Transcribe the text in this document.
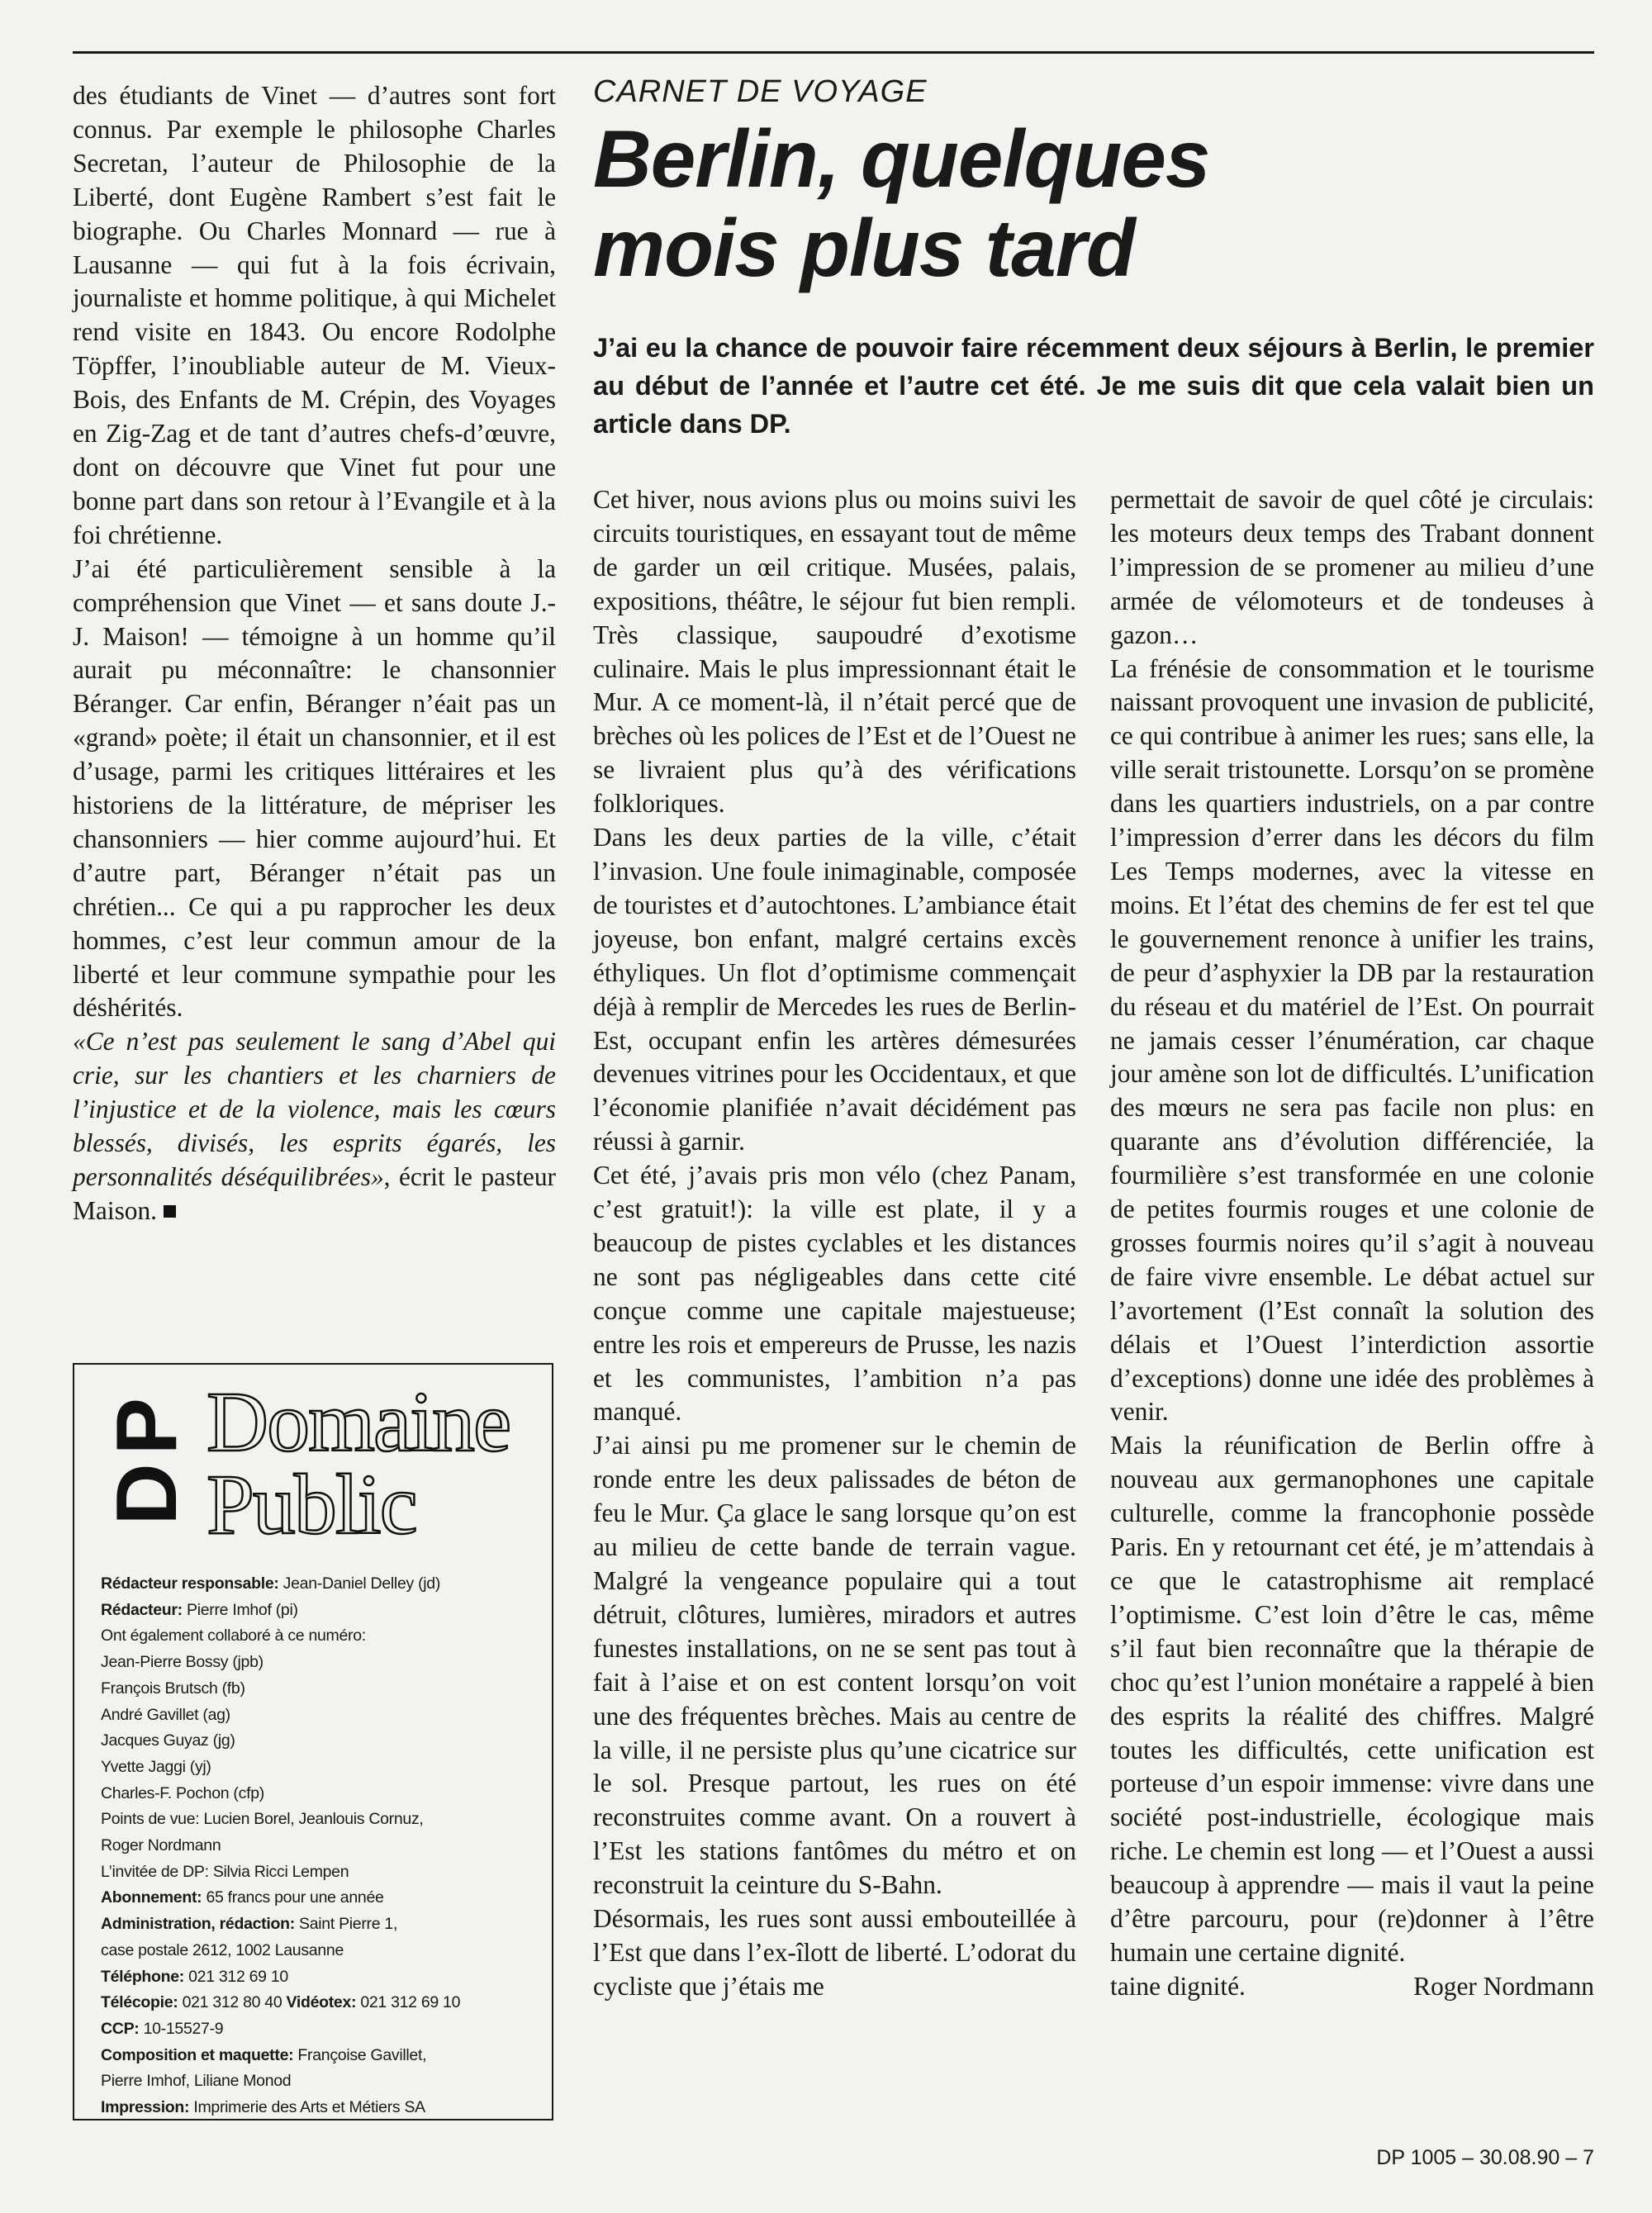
des étudiants de Vinet — d’autres sont fort connus. Par exemple le philosophe Charles Secretan, l’auteur de Philosophie de la Liberté, dont Eugène Rambert s’est fait le biographe. Ou Charles Monnard — rue à Lausanne — qui fut à la fois écrivain, journaliste et homme politique, à qui Michelet rend visite en 1843. Ou encore Rodolphe Töpffer, l’inoubliable auteur de M. Vieux-Bois, des Enfants de M. Crépin, des Voyages en Zig-Zag et de tant d’autres chefs-d’œuvre, dont on découvre que Vinet fut pour une bonne part dans son retour à l’Evangile et à la foi chrétienne.

J’ai été particulièrement sensible à la compréhension que Vinet — et sans doute J.-J. Maison! — témoigne à un homme qu’il aurait pu méconnaître: le chansonnier Béranger. Car enfin, Béranger n’éait pas un «grand» poète; il était un chansonnier, et il est d’usage, parmi les critiques littéraires et les historiens de la littérature, de mépriser les chansonniers — hier comme aujourd’hui. Et d’autre part, Béranger n’était pas un chrétien... Ce qui a pu rapprocher les deux hommes, c’est leur commun amour de la liberté et leur commune sympathie pour les déshérités.

«Ce n’est pas seulement le sang d’Abel qui crie, sur les chantiers et les charniers de l’injustice et de la violence, mais les cœurs blessés, divisés, les esprits égarés, les personnalités déséquilibrées», écrit le pasteur Maison.

CARNET DE VOYAGE
Berlin, quelques
mois plus tard
J’ai eu la chance de pouvoir faire récemment deux séjours à Berlin, le premier au début de l’année et l’autre cet été. Je me suis dit que cela valait bien un article dans DP.

Cet hiver, nous avions plus ou moins suivi les circuits touristiques, en essayant tout de même de garder un œil critique. Musées, palais, expositions, théâtre, le séjour fut bien rempli. Très classique, saupoudré d’exotisme culinaire. Mais le plus impressionnant était le Mur. A ce moment-là, il n’était percé que de brèches où les polices de l’Est et de l’Ouest ne se livraient plus qu’à des vérifications folkloriques.

Dans les deux parties de la ville, c’était l’invasion. Une foule inimaginable, composée de touristes et d’autochtones. L’ambiance était joyeuse, bon enfant, malgré certains excès éthyliques. Un flot d’optimisme commençait déjà à remplir de Mercedes les rues de Berlin-Est, occupant enfin les artères démesurées devenues vitrines pour les Occidentaux, et que l’économie planifiée n’avait décidément pas réussi à garnir.

Cet été, j’avais pris mon vélo (chez Panam, c’est gratuit!): la ville est plate, il y a beaucoup de pistes cyclables et les distances ne sont pas négligeables dans cette cité conçue comme une capitale majestueuse; entre les rois et empereurs de Prusse, les nazis et les communistes, l’ambition n’a pas manqué.

J’ai ainsi pu me promener sur le chemin de ronde entre les deux palissades de béton de feu le Mur. Ça glace le sang lorsque qu’on est au milieu de cette bande de terrain vague. Malgré la vengeance populaire qui a tout détruit, clôtures, lumières, miradors et autres funestes installations, on ne se sent pas tout à fait à l’aise et on est content lorsqu’on voit une des fréquentes brèches. Mais au centre de la ville, il ne persiste plus qu’une cicatrice sur le sol. Presque partout, les rues on été reconstruites comme avant. On a rouvert à l’Est les stations fantômes du métro et on reconstruit la ceinture du S-Bahn.

Désormais, les rues sont aussi embouteillée à l’Est que dans l’ex-îlott de liberté. L’odorat du cycliste que j’étais me

permettait de savoir de quel côté je circulais: les moteurs deux temps des Trabant donnent l’impression de se promener au milieu d’une armée de vélomoteurs et de tondeuses à gazon…

La frénésie de consommation et le tourisme naissant provoquent une invasion de publicité, ce qui contribue à animer les rues; sans elle, la ville serait tristounette. Lorsqu’on se promène dans les quartiers industriels, on a par contre l’impression d’errer dans les décors du film Les Temps modernes, avec la vitesse en moins. Et l’état des chemins de fer est tel que le gouvernement renonce à unifier les trains, de peur d’asphyxier la DB par la restauration du réseau et du matériel de l’Est. On pourrait ne jamais cesser l’énumération, car chaque jour amène son lot de difficultés. L’unification des mœurs ne sera pas facile non plus: en quarante ans d’évolution différenciée, la fourmilière s’est transformée en une colonie de petites fourmis rouges et une colonie de grosses fourmis noires qu’il s’agit à nouveau de faire vivre ensemble. Le débat actuel sur l’avortement (l’Est connaît la solution des délais et l’Ouest l’interdiction assortie d’exceptions) donne une idée des problèmes à venir.

Mais la réunification de Berlin offre à nouveau aux germanophones une capitale culturelle, comme la francophonie possède Paris. En y retournant cet été, je m’attendais à ce que le catastrophisme ait remplacé l’optimisme. C’est loin d’être le cas, même s’il faut bien reconnaître que la thérapie de choc qu’est l’union monétaire a rappelé à bien des esprits la réalité des chiffres. Malgré toutes les difficultés, cette unification est porteuse d’un espoir immense: vivre dans une société post-industrielle, écologique mais riche. Le chemin est long — et l’Ouest a aussi beaucoup à apprendre — mais il vaut la peine d’être parcouru, pour (re)donner à l’être humain une certaine dignité.

taine dignité.	Roger Nordmann

DP Domaine
Public
Rédacteur responsable: Jean-Daniel Delley (jd)
Rédacteur: Pierre Imhof (pi)
Ont également collaboré à ce numéro:
Jean-Pierre Bossy (jpb)
François Brutsch (fb)
André Gavillet (ag)
Jacques Guyaz (jg)
Yvette Jaggi (yj)
Charles-F. Pochon (cfp)
Points de vue: Lucien Borel, Jeanlouis Cornuz,
Roger Nordmann
L’invitée de DP: Silvia Ricci Lempen
Abonnement: 65 francs pour une année
Administration, rédaction: Saint Pierre 1,
case postale 2612, 1002 Lausanne
Téléphone: 021 312 69 10
Télécopie: 021 312 80 40 Vidéotex: 021 312 69 10
CCP: 10-15527-9
Composition et maquette: Françoise Gavillet,
Pierre Imhof, Liliane Monod
Impression: Imprimerie des Arts et Métiers SA
DP 1005 – 30.08.90 – 7
